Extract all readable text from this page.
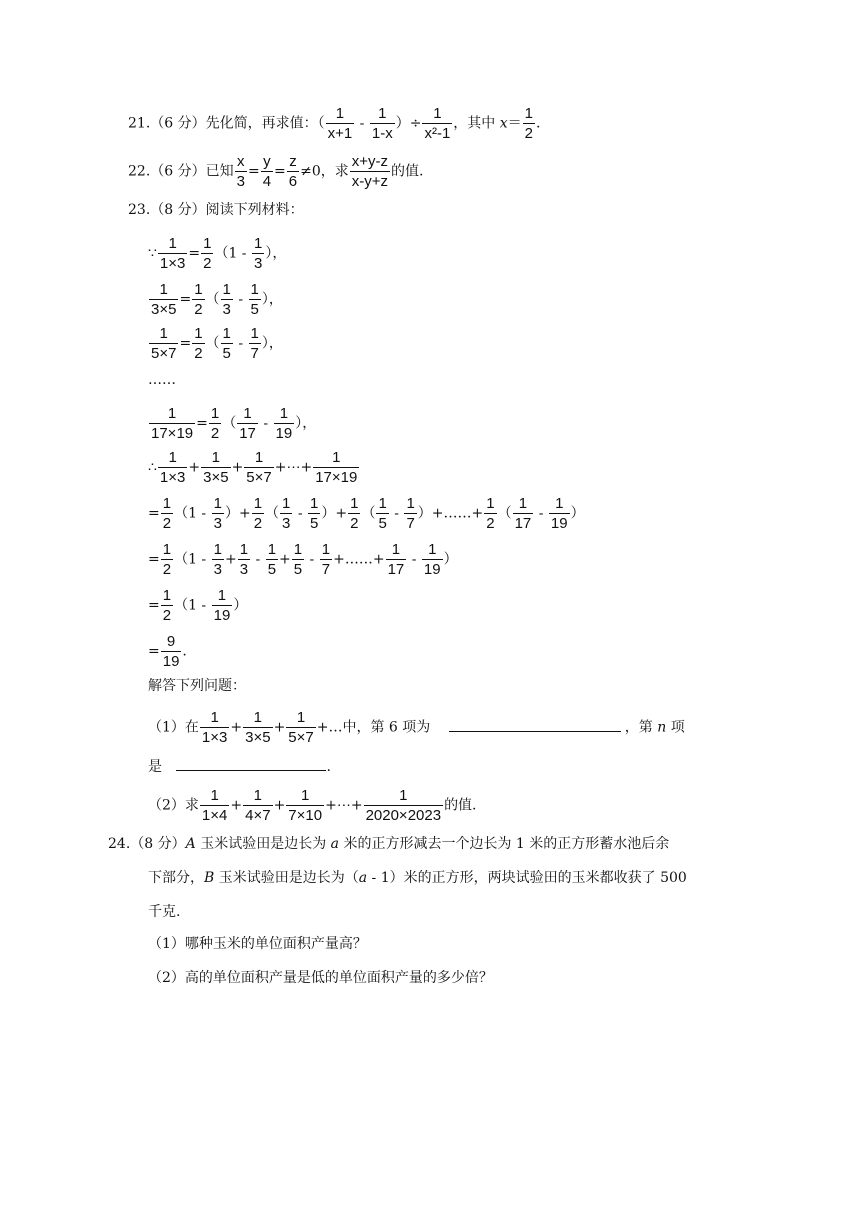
21.（6 分）先化简，再求值：（ $\frac{1}{x+1} - \frac{1}{1-x}$ ）÷ $\frac{1}{\text{x²-1}}$ ，其中 $x= \frac{1}{2}$ .
22.（6 分）已知 $\frac{x}{3} = \frac{y}{4} = \frac{z}{6} \ne 0$，求 $\frac{x+y-z}{x-y+z}$ 的值.
23.（8 分）阅读下列材料：
∵ $\frac{1}{1\times 3} = \frac{1}{2} (1 - \frac{1}{3}$ ），
$\frac{1}{3\times 5} = \frac{1}{2}$ （ $\frac{1}{3} - \frac{1}{5}$ ），
$\frac{1}{5\times 7} = \frac{1}{2}$ （ $\frac{1}{5} - \frac{1}{7}$ ），
……
$\frac{1}{17\times 19} = \frac{1}{2}$ （ $\frac{1}{17} - \frac{1}{19}$ ），
∴ $\frac{1}{1\times 3} + \frac{1}{3\times 5} + \frac{1}{5\times 7}$ +⋯+ $\frac{1}{17\times 19}$
= $\frac{1}{2} (1 - \frac{1}{3}$ ）+ $\frac{1}{2}$ （ $\frac{1}{3} - \frac{1}{5}$ ）+ $\frac{1}{2}$ （ $\frac{1}{5} - \frac{1}{7}$ ）+……+ $\frac{1}{2}$ （ $\frac{1}{17} - \frac{1}{19}$ ）
= $\frac{1}{2} (1 - \frac{1}{3} + \frac{1}{3} - \frac{1}{5} + \frac{1}{5} - \frac{1}{7}$ +……+ $\frac{1}{17} - \frac{1}{19}$ ）
= $\frac{1}{2} (1 - \frac{1}{19}$ ）
= $\frac{9}{19}$ .
解答下列问题：
（1）在 $\frac{1}{1\times 3} + \frac{1}{3\times 5} + \frac{1}{5\times 7}$ +…中，第 6 项为	，第 n 项
是	.
（2）求 $\frac{1}{1\times 4} + \frac{1}{4\times 7} + \frac{1}{7\times 10}$ +⋯+ $\frac{1}{2020\times 2023}$ 的值.
24.（8 分）A 玉米试验田是边长为 a 米的正方形减去一个边长为 1 米的正方形蓄水池后余
下部分，B 玉米试验田是边长为（a - 1）米的正方形，两块试验田的玉米都收获了 500
千克.
（1）哪种玉米的单位面积产量高？
（2）高的单位面积产量是低的单位面积产量的多少倍？
